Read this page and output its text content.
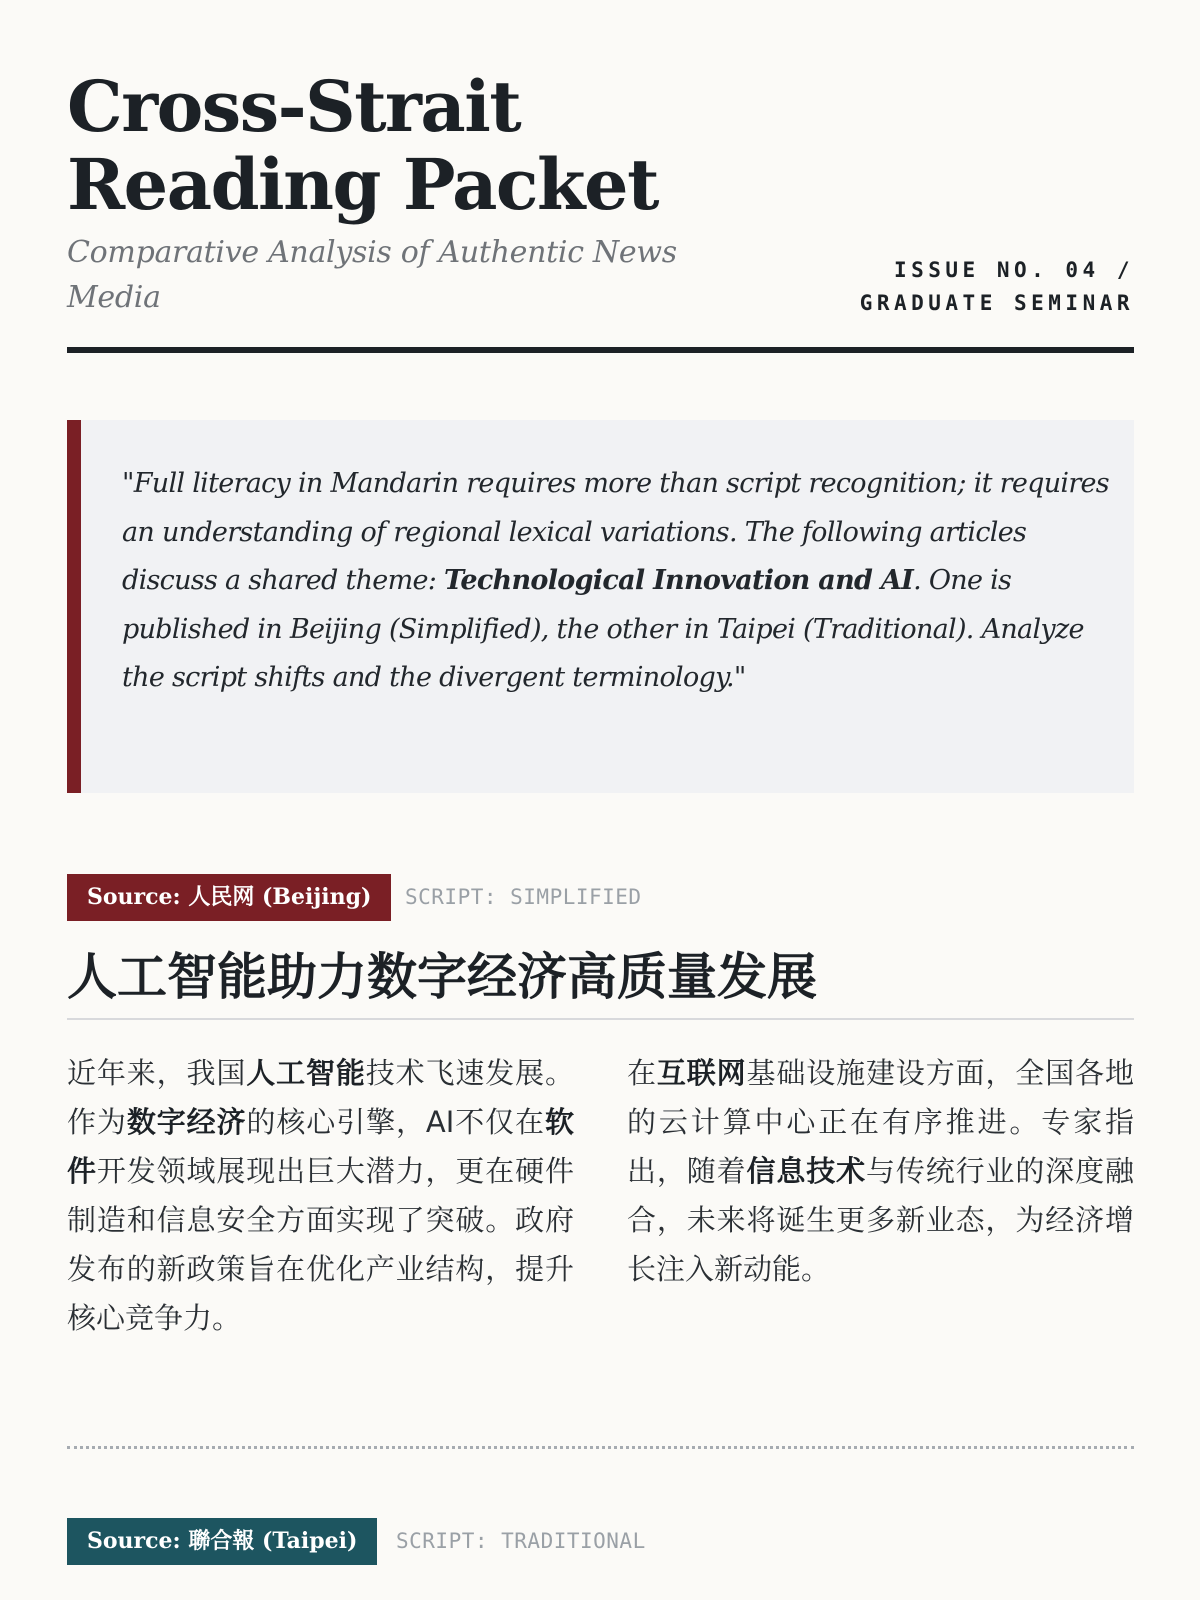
Cross-Strait
Reading Packet

Comparative Analysis of Authentic News Media

ISSUE NO. 04 /
GRADUATE SEMINAR

"Full literacy in Mandarin requires more than script recognition; it requires an understanding of regional lexical variations. The following articles discuss a shared theme: Technological Innovation and AI. One is published in Beijing (Simplified), the other in Taipei (Traditional). Analyze the script shifts and the divergent terminology."

Source: 人民网 (Beijing)	SCRIPT: SIMPLIFIED
人工智能助力数字经济高质量发展

近年来，我国人工智能技术飞速发展。作为数字经济的核心引擎，AI不仅在软件开发领域展现出巨大潜力，更在硬件制造和信息安全方面实现了突破。政府发布的新政策旨在优化产业结构，提升核心竞争力。

在互联网基础设施建设方面，全国各地的云计算中心正在有序推进。专家指出，随着信息技术与传统行业的深度融合，未来将诞生更多新业态，为经济增长注入新动能。

Source: 聯合報 (Taipei)	SCRIPT: TRADITIONAL
